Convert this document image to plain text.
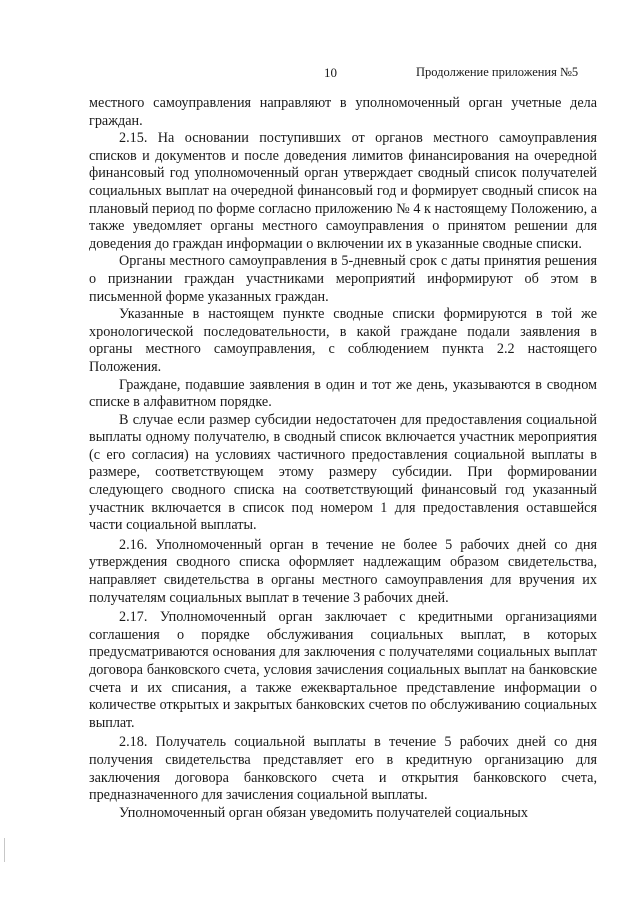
10	Продолжение приложения №5

местного самоуправления направляют в уполномоченный орган учетные дела граждан.

2.15. На основании поступивших от органов местного самоуправления списков и документов и после доведения лимитов финансирования на очередной финансовый год уполномоченный орган утверждает сводный список получателей социальных выплат на очередной финансовый год и формирует сводный список на плановый период по форме согласно приложению № 4 к настоящему Положению, а также уведомляет органы местного самоуправления о принятом решении для доведения до граждан информации о включении их в указанные сводные списки.

Органы местного самоуправления в 5-дневный срок с даты принятия решения о признании граждан участниками мероприятий информируют об этом в письменной форме указанных граждан.

Указанные в настоящем пункте сводные списки формируются в той же хронологической последовательности, в какой граждане подали заявления в органы местного самоуправления, с соблюдением пункта 2.2 настоящего Положения.

Граждане, подавшие заявления в один и тот же день, указываются в сводном списке в алфавитном порядке.

В случае если размер субсидии недостаточен для предоставления социальной выплаты одному получателю, в сводный список включается участник мероприятия (с его согласия) на условиях частичного предоставления социальной выплаты в размере, соответствующем этому размеру субсидии. При формировании следующего сводного списка на соответствующий финансовый год указанный участник включается в список под номером 1 для предоставления оставшейся части социальной выплаты.

2.16. Уполномоченный орган в течение не более 5 рабочих дней со дня утверждения сводного списка оформляет надлежащим образом свидетельства, направляет свидетельства в органы местного самоуправления для вручения их получателям социальных выплат в течение 3 рабочих дней.

2.17. Уполномоченный орган заключает с кредитными организациями соглашения о порядке обслуживания социальных выплат, в которых предусматриваются основания для заключения с получателями социальных выплат договора банковского счета, условия зачисления социальных выплат на банковские счета и их списания, а также ежеквартальное представление информации о количестве открытых и закрытых банковских счетов по обслуживанию социальных выплат.

2.18. Получатель социальной выплаты в течение 5 рабочих дней со дня получения свидетельства представляет его в кредитную организацию для заключения договора банковского счета и открытия банковского счета, предназначенного для зачисления социальной выплаты.

Уполномоченный орган обязан уведомить получателей социальных
